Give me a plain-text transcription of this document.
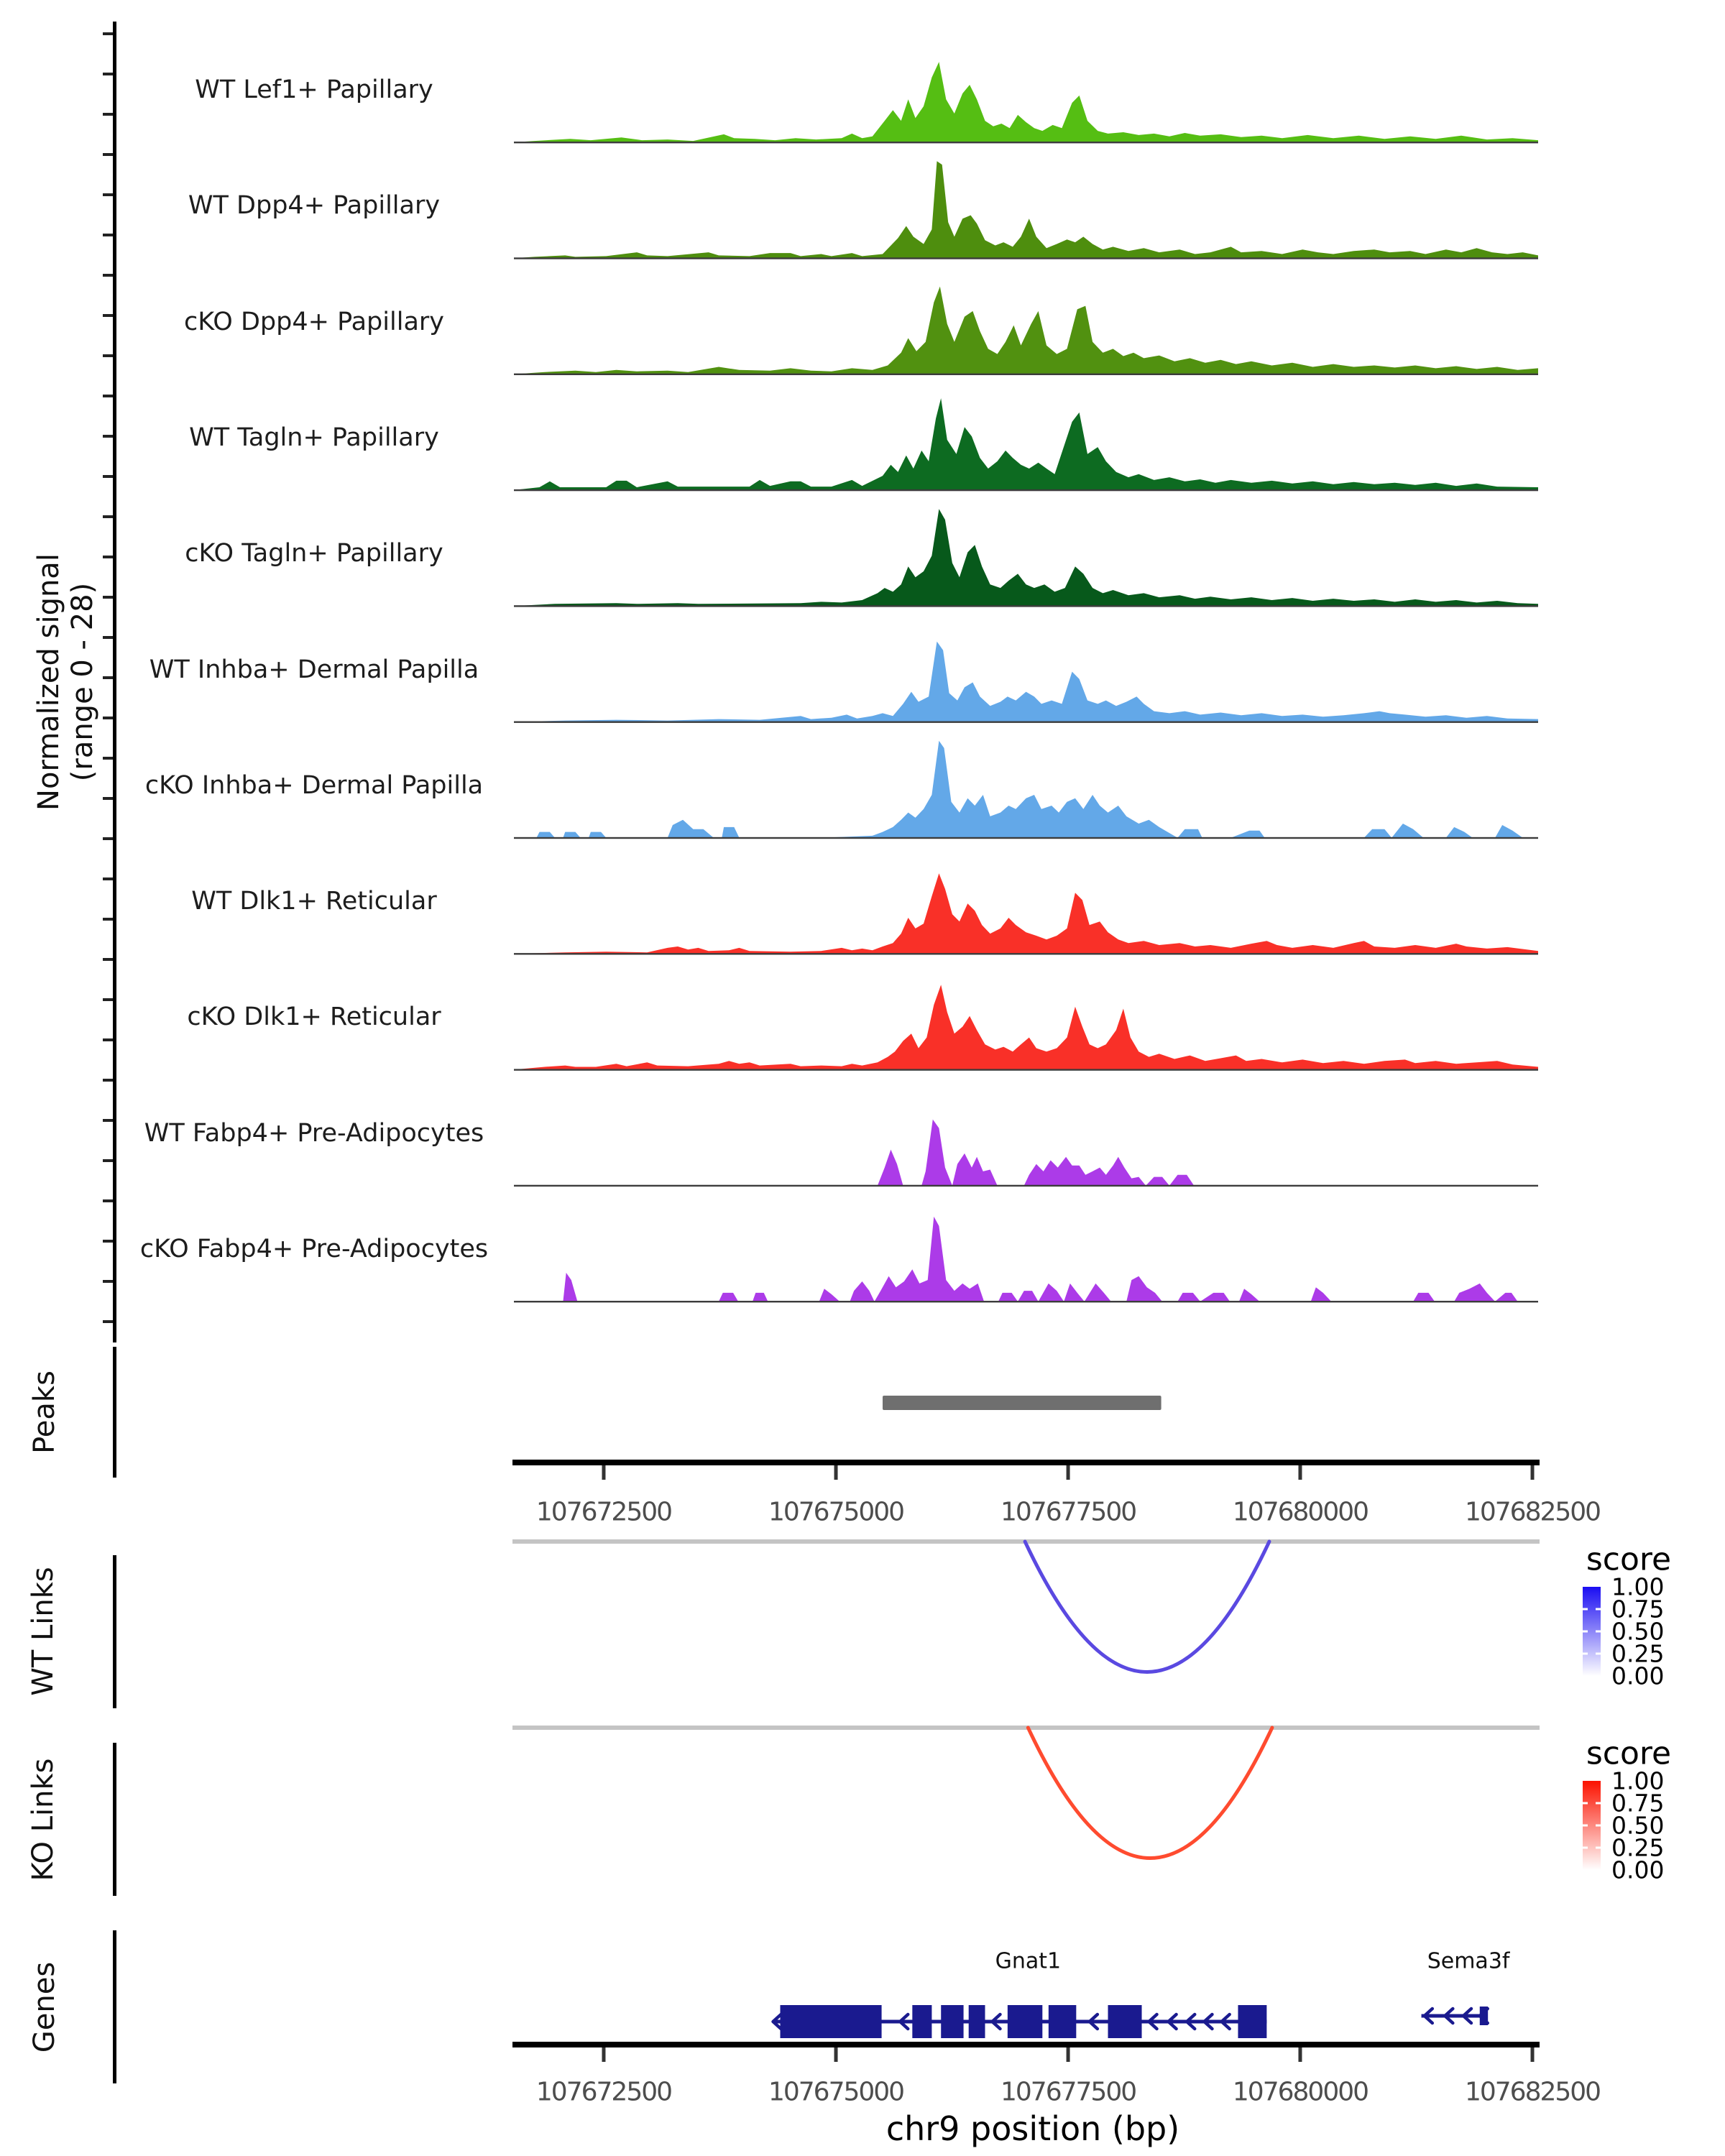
Normalized signal (range 0 - 28)
Peaks
WT Links
KO Links
Genes
chr9 position (bp)
score
score
WT Lef1+ Papillary
WT Dpp4+ Papillary
cKO Dpp4+ Papillary
WT Tagln+ Papillary
cKO Tagln+ Papillary
WT Inhba+ Dermal Papilla
cKO Inhba+ Dermal Papilla
WT Dlk1+ Reticular
cKO Dlk1+ Reticular
WT Fabp4+ Pre-Adipocytes
cKO Fabp4+ Pre-Adipocytes
107672500	107675000	107677500	107680000	107682500
107672500	107675000	107677500	107680000	107682500
Gnat1	Sema3f
1.00
0.75
0.50
0.25
0.00
1.00
0.75
0.50
0.25
0.00
